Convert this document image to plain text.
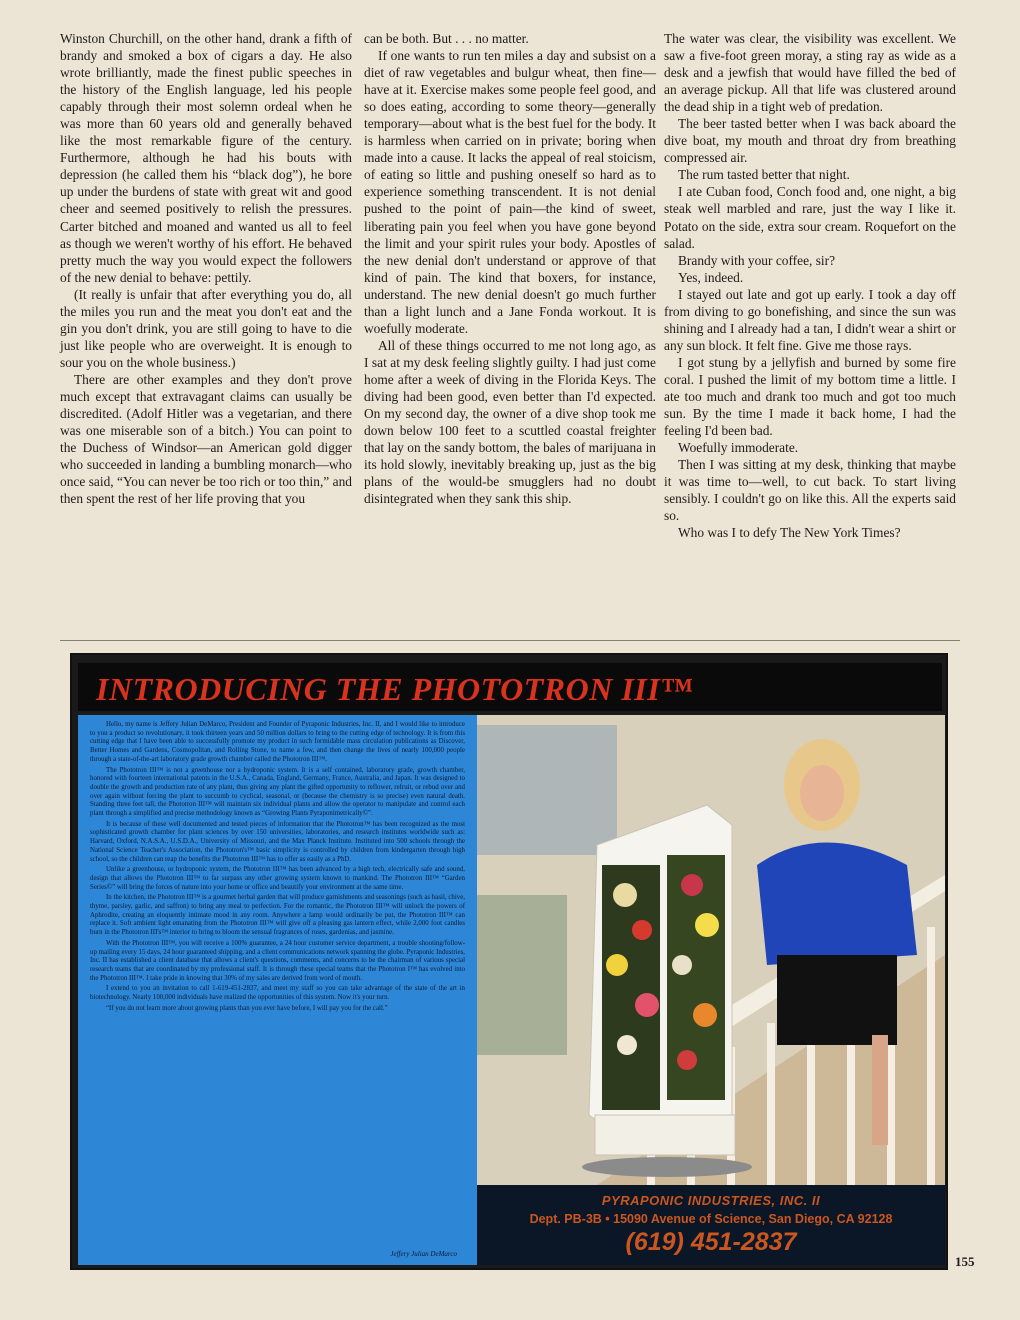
Winston Churchill, on the other hand, drank a fifth of brandy and smoked a box of cigars a day. He also wrote brilliantly, made the finest public speeches in the history of the English language, led his people capably through their most solemn ordeal when he was more than 60 years old and generally behaved like the most remarkable figure of the century. Furthermore, although he had his bouts with depression (he called them his “black dog”), he bore up under the burdens of state with great wit and good cheer and seemed positively to relish the pressures. Carter bitched and moaned and wanted us all to feel as though we weren't worthy of his effort. He behaved pretty much the way you would expect the followers of the new denial to behave: pettily.

(It really is unfair that after everything you do, all the miles you run and the meat you don't eat and the gin you don't drink, you are still going to have to die just like people who are overweight. It is enough to sour you on the whole business.)

There are other examples and they don't prove much except that extravagant claims can usually be discredited. (Adolf Hitler was a vegetarian, and there was one miserable son of a bitch.) You can point to the Duchess of Windsor—an American gold digger who succeeded in landing a bumbling monarch—who once said, “You can never be too rich or too thin,” and then spent the rest of her life proving that you

can be both. But . . . no matter.

If one wants to run ten miles a day and subsist on a diet of raw vegetables and bulgur wheat, then fine—have at it. Exercise makes some people feel good, and so does eating, according to some theory—generally temporary—about what is the best fuel for the body. It is harmless when carried on in private; boring when made into a cause. It lacks the appeal of real stoicism, of eating so little and pushing oneself so hard as to experience something transcendent. It is not denial pushed to the point of pain—the kind of sweet, liberating pain you feel when you have gone beyond the limit and your spirit rules your body. Apostles of the new denial don't understand or approve of that kind of pain. The kind that boxers, for instance, understand. The new denial doesn't go much further than a light lunch and a Jane Fonda workout. It is woefully moderate.

All of these things occurred to me not long ago, as I sat at my desk feeling slightly guilty. I had just come home after a week of diving in the Florida Keys. The diving had been good, even better than I'd expected. On my second day, the owner of a dive shop took me down below 100 feet to a scuttled coastal freighter that lay on the sandy bottom, the bales of marijuana in its hold slowly, inevitably breaking up, just as the big plans of the would-be smugglers had no doubt disintegrated when they sank this ship.

The water was clear, the visibility was excellent. We saw a five-foot green moray, a sting ray as wide as a desk and a jewfish that would have filled the bed of an average pickup. All that life was clustered around the dead ship in a tight web of predation.

The beer tasted better when I was back aboard the dive boat, my mouth and throat dry from breathing compressed air.

The rum tasted better that night.

I ate Cuban food, Conch food and, one night, a big steak well marbled and rare, just the way I like it. Potato on the side, extra sour cream. Roquefort on the salad.

Brandy with your coffee, sir?

Yes, indeed.

I stayed out late and got up early. I took a day off from diving to go bonefishing, and since the sun was shining and I already had a tan, I didn't wear a shirt or any sun block. It felt fine. Give me those rays.

I got stung by a jellyfish and burned by some fire coral. I pushed the limit of my bottom time a little. I ate too much and drank too much and got too much sun. By the time I made it back home, I had the feeling I'd been bad.

Woefully immoderate.

Then I was sitting at my desk, thinking that maybe it was time to—well, to cut back. To start living sensibly. I couldn't go on like this. All the experts said so.

Who was I to defy The New York Times?

INTRODUCING THE PHOTOTRON III™

Hello, my name is Jeffery Julian DeMarco, President and Founder of Pyraponic Industries, Inc. II, and I would like to introduce to you a product so revolutionary, it took thirteen years and 50 million dollars to bring to the cutting edge of technology. It is from this cutting edge that I have been able to successfully promote my product in such formidable mass circulation publications as Discover, Better Homes and Gardens, Cosmopolitan, and Rolling Stone, to name a few, and then change the lives of nearly 100,000 people through a state-of-the-art laboratory grade growth chamber called the Phototron III™.

The Phototron III™ is not a greenhouse nor a hydroponic system. It is a self contained, laboratory grade, growth chamber, honored with fourteen international patents in the U.S.A., Canada, England, Germany, France, Australia, and Japan. It was designed to double the growth and production rate of any plant, thus giving any plant the gifted opportunity to reflower, refruit, or rebud over and over again without forcing the plant to succumb to cyclical, seasonal, or (because the chemistry is so precise) even natural death. Standing three feet tall, the Phototron III™ will maintain six individual plants and allow the operator to manipulate and control each plant through a simplified and precise methodology known as “Growing Plants Pyraponimetrically©”.

It is because of these well documented and tested pieces of information that the Phototron™ has been recognized as the most sophisticated growth chamber for plant sciences by over 150 universities, laboratories, and research institutes worldwide such as: Harvard, Oxford, N.A.S.A., U.S.D.A., University of Missouri, and the Max Planck Institute. Instituted into 500 schools through the National Science Teacher's Association, the Phototron's™ basic simplicity is controlled by children from kindergarten through high school, so the children can reap the benefits the Phototron III™ has to offer as easily as a PhD.

Unlike a greenhouse, or hydroponic system, the Phototron III™ has been advanced by a high tech, electrically safe and sound, design that allows the Phototron III™ to far surpass any other growing system known to mankind. The Phototron III™ “Garden Series©” will bring the forces of nature into your home or office and beautify your environment at the same time.

In the kitchen, the Phototron III™ is a gourmet herbal garden that will produce garnishments and seasonings (such as basil, chive, thyme, parsley, garlic, and saffron) to bring any meal to perfection. For the romantic, the Phototron III™ will unlock the powers of Aphrodite, creating an eloquently intimate mood in any room. Anywhere a lamp would ordinarily be put, the Phototron III™ can replace it. Soft ambient light emanating from the Phototron III™ will give off a pleasing gas lantern effect, while 2,000 foot candles burn in the Phototron III's™ interior to bring to bloom the sensual fragrances of roses, gardenias, and jasmine.

With the Phototron III™, you will receive a 100% guarantee, a 24 hour customer service department, a trouble shooting/follow-up mailing every 15 days, 24 hour guaranteed shipping, and a client communications network spanning the globe. Pyraponic Industries, Inc. II has established a client database that allows a client's questions, comments, and concerns to be the chairman of various special research teams that are coordinated by my professional staff. It is through these special teams that the Phototron I™ has evolved into the Phototron III™. I take pride in knowing that 30% of my sales are derived from word of mouth.

I extend to you an invitation to call 1-619-451-2837, and meet my staff so you can take advantage of the state of the art in biotechnology. Nearly 100,000 individuals have realized the opportunities of this system. Now it's your turn.

“If you do not learn more about growing plants than you ever have before, I will pay you for the call.”

Jeffery Julian DeMarco
PYRAPONIC INDUSTRIES, INC. II
Dept. PB-3B • 15090 Avenue of Science, San Diego, CA 92128
(619) 451-2837
155
